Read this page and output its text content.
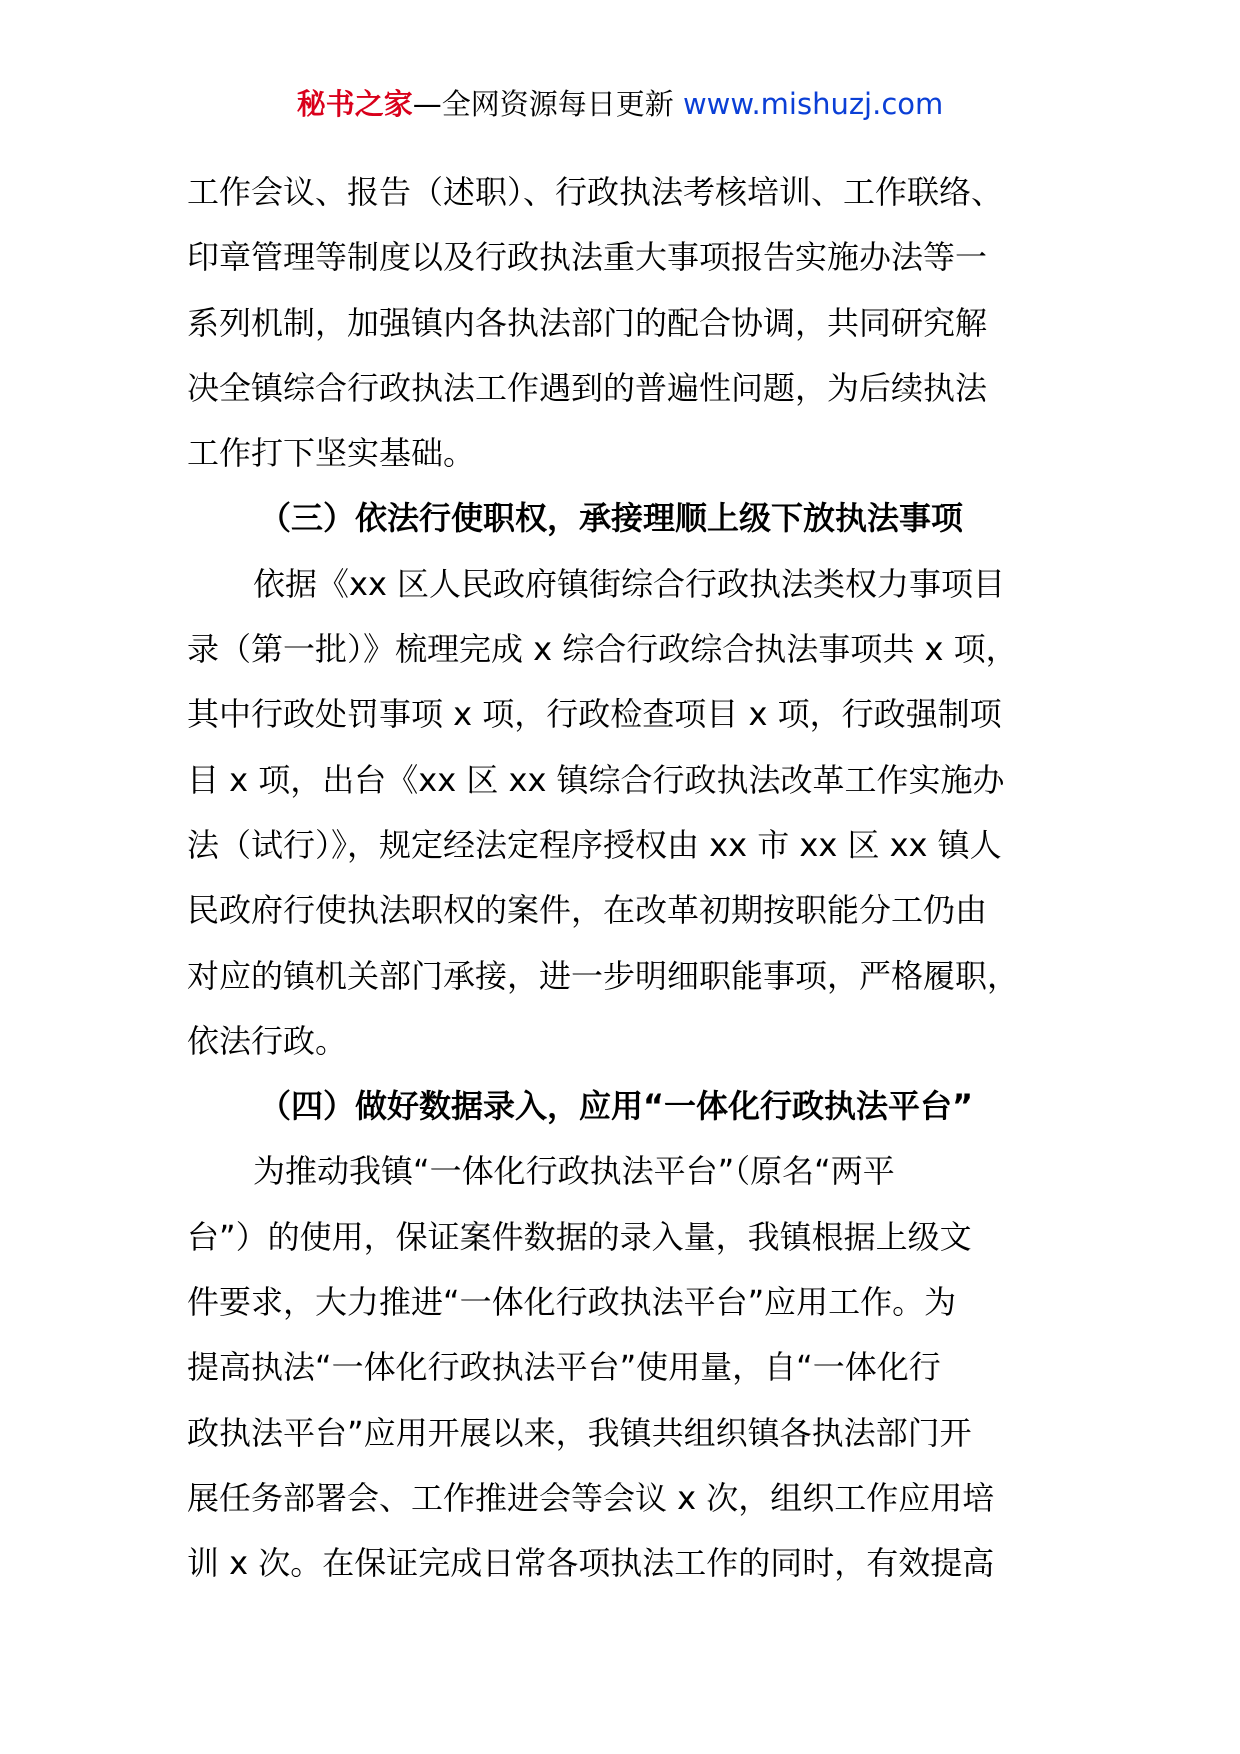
秘书之家—全网资源每日更新 www.mishuzj.com
工作会议、报告（述职）、行政执法考核培训、工作联络、
印章管理等制度以及行政执法重大事项报告实施办法等一
系列机制，加强镇内各执法部门的配合协调，共同研究解
决全镇综合行政执法工作遇到的普遍性问题，为后续执法
工作打下坚实基础。
（三）依法行使职权，承接理顺上级下放执法事项
依据《xx 区人民政府镇街综合行政执法类权力事项目
录（第一批）》梳理完成 x 综合行政综合执法事项共 x 项，
其中行政处罚事项 x 项，行政检查项目 x 项，行政强制项
目 x 项，出台《xx 区 xx 镇综合行政执法改革工作实施办
法（试行）》，规定经法定程序授权由 xx 市 xx 区 xx 镇人
民政府行使执法职权的案件，在改革初期按职能分工仍由
对应的镇机关部门承接，进一步明细职能事项，严格履职，
依法行政。
（四）做好数据录入，应用“一体化行政执法平台”
为推动我镇“一体化行政执法平台”（原名“两平
台”）的使用，保证案件数据的录入量，我镇根据上级文
件要求，大力推进“一体化行政执法平台”应用工作。为
提高执法“一体化行政执法平台”使用量，自“一体化行
政执法平台”应用开展以来，我镇共组织镇各执法部门开
展任务部署会、工作推进会等会议 x 次，组织工作应用培
训 x 次。在保证完成日常各项执法工作的同时，有效提高
